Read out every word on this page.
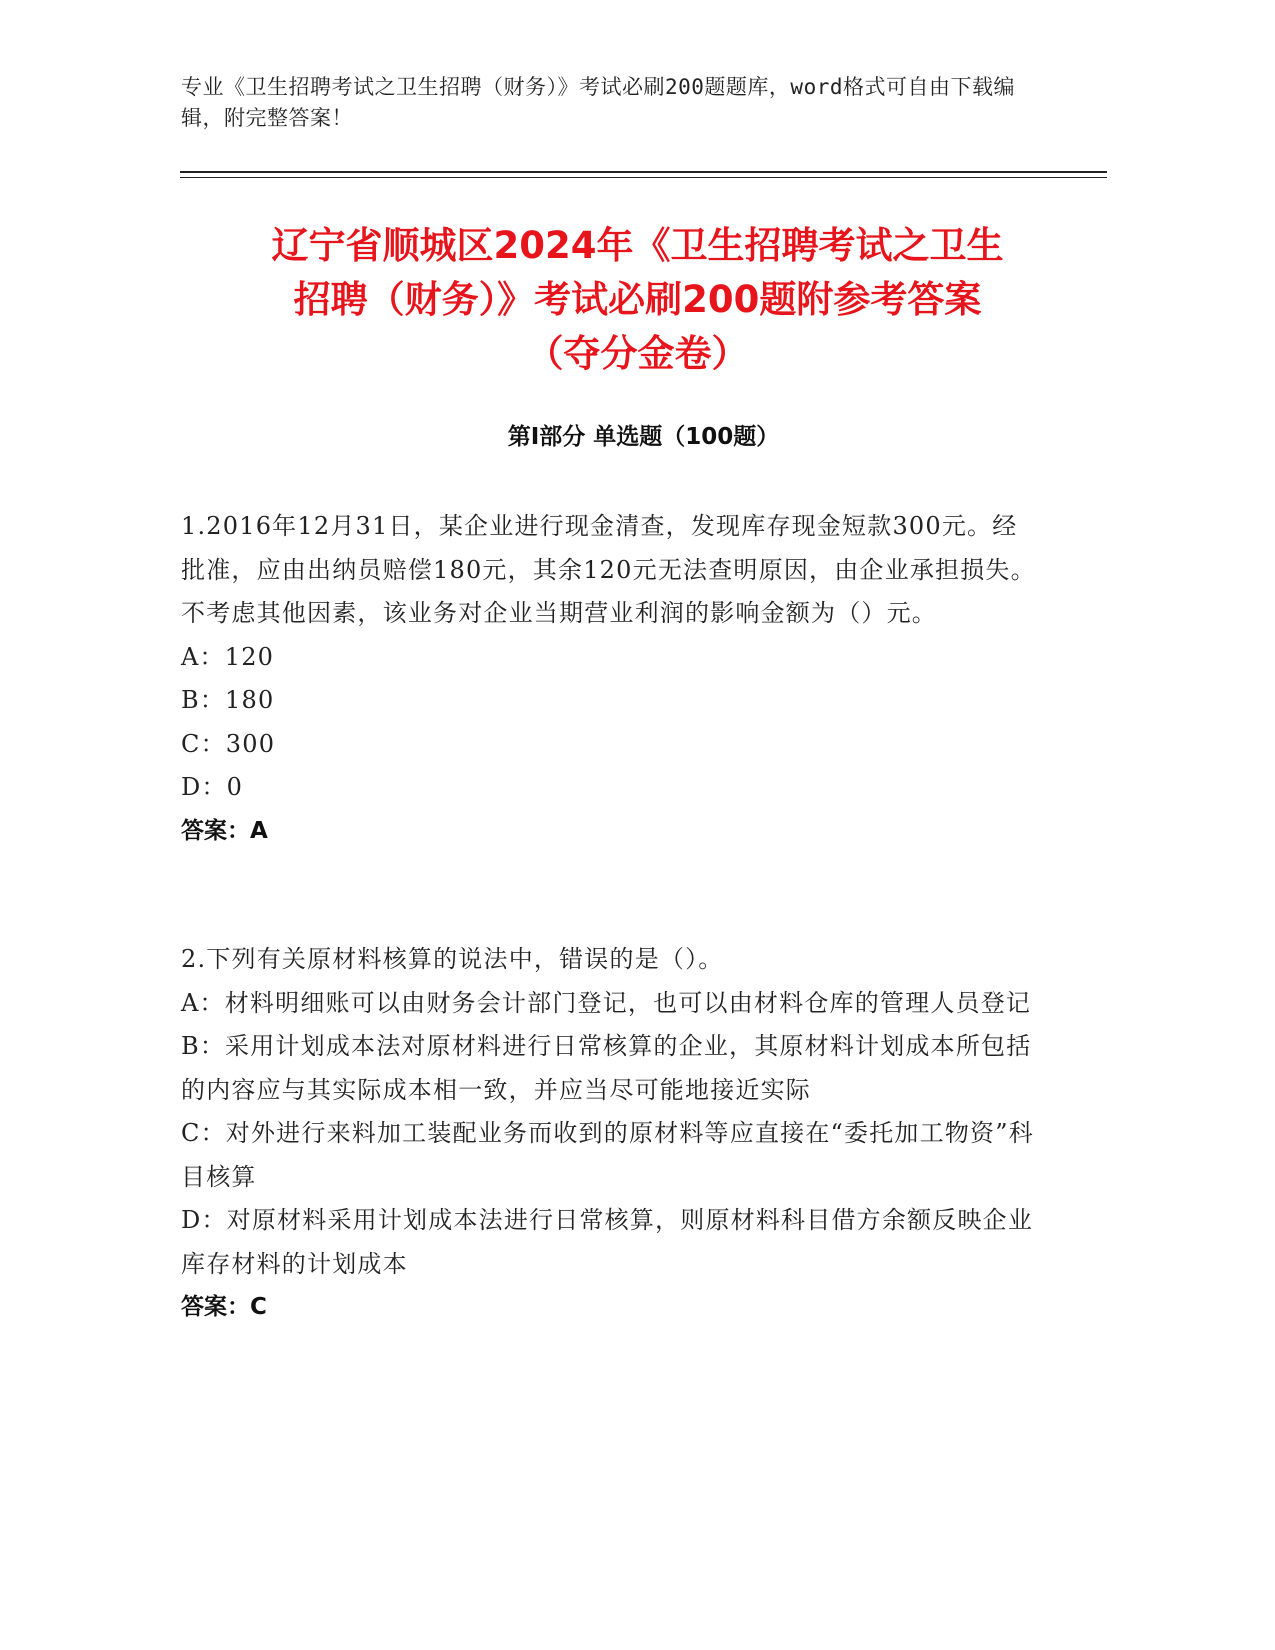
专业《卫生招聘考试之卫生招聘（财务）》考试必刷200题题库，word格式可自由下载编辑，附完整答案！
辽宁省顺城区2024年《卫生招聘考试之卫生
招聘（财务）》考试必刷200题附参考答案
（夺分金卷）
第Ⅰ部分 单选题（100题）

1.2016年12月31日，某企业进行现金清查，发现库存现金短款300元。经批准，应由出纳员赔偿180元，其余120元无法查明原因，由企业承担损失。不考虑其他因素，该业务对企业当期营业利润的影响金额为（）元。

A：120

B：180

C：300

D：0

答案：A

2.下列有关原材料核算的说法中，错误的是（）。

A：材料明细账可以由财务会计部门登记，也可以由材料仓库的管理人员登记

B：采用计划成本法对原材料进行日常核算的企业，其原材料计划成本所包括的内容应与其实际成本相一致，并应当尽可能地接近实际

C：对外进行来料加工装配业务而收到的原材料等应直接在“委托加工物资”科目核算

D：对原材料采用计划成本法进行日常核算，则原材料科目借方余额反映企业库存材料的计划成本

答案：C
